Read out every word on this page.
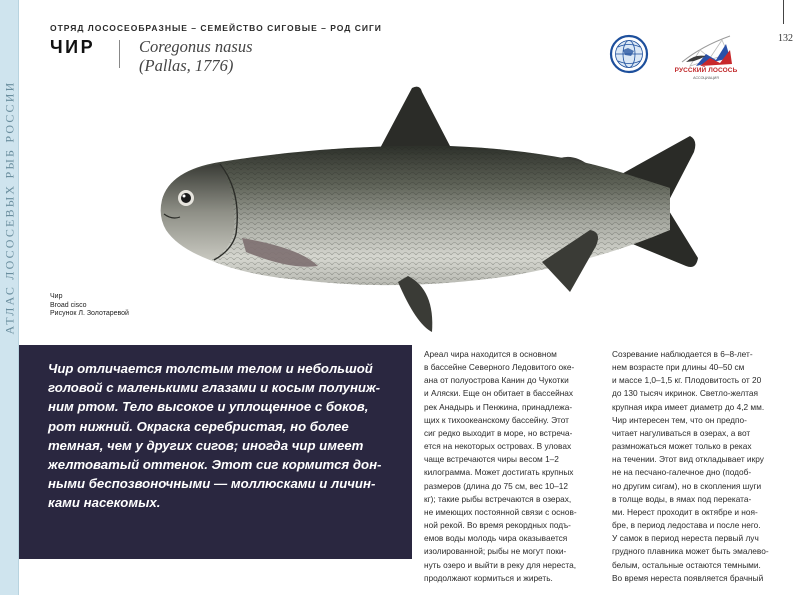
АТЛАС ЛОСОСЕВЫХ РЫБ РОССИИ
132
ОТРЯД ЛОСОСЕОБРАЗНЫЕ – СЕМЕЙСТВО СИГОВЫЕ – РОД СИГИ
ЧИР	Coregonus nasus
(Pallas, 1776)	РУССКИЙ ЛОСОСЬ
АССОЦИАЦИЯ
Чир
Broad cisco
Рисунок Л. Золотаревой
Чир отличается толстым телом и небольшой
головой с маленькими глазами и косым полуниж-
ним ртом. Тело высокое и уплощенное с боков,
рот нижний. Окраска серебристая, но более
темная, чем у других сигов; иногда чир имеет
желтоватый оттенок. Этот сиг кормится дон-
ными беспозвоночными — моллюсками и личин-
ками насекомых.
Ареал чира находится в основном
в бассейне Северного Ледовитого оке-
ана от полуострова Канин до Чукотки
и Аляски. Еще он обитает в бассейнах
рек Анадырь и Пенжина, принадлежа-
щих к тихоокеанскому бассейну. Этот
сиг редко выходит в море, но встреча-
ется на некоторых островах. В уловах
чаще встречаются чиры весом 1–2
килограмма. Может достигать крупных
размеров (длина до 75 см, вес 10–12
кг); такие рыбы встречаются в озерах,
не имеющих постоянной связи с основ-
ной рекой. Во время рекордных подъ-
емов воды молодь чира оказывается
изолированной; рыбы не могут поки-
нуть озеро и выйти в реку для нереста,
продолжают кормиться и жиреть.
Созревание наблюдается в 6–8-лет-
нем возрасте при длины 40–50 см
и массе 1,0–1,5 кг. Плодовитость от 20
до 130 тысяч икринок. Светло-желтая
крупная икра имеет диаметр до 4,2 мм.
Чир интересен тем, что он предпо-
читает нагуливаться в озерах, а вот
размножаться может только в реках
на течении. Этот вид откладывает икру
не на песчано-галечное дно (подоб-
но другим сигам), но в скопления шуги
в толще воды, в ямах под перекатa-
ми. Нерест проходит в октябре и ноя-
бре, в период ледостава и после него.
У самок в период нереста первый луч
грудного плавника может быть эмалево-
белым, остальные остаются темными.
Во время нереста появляется брачный
